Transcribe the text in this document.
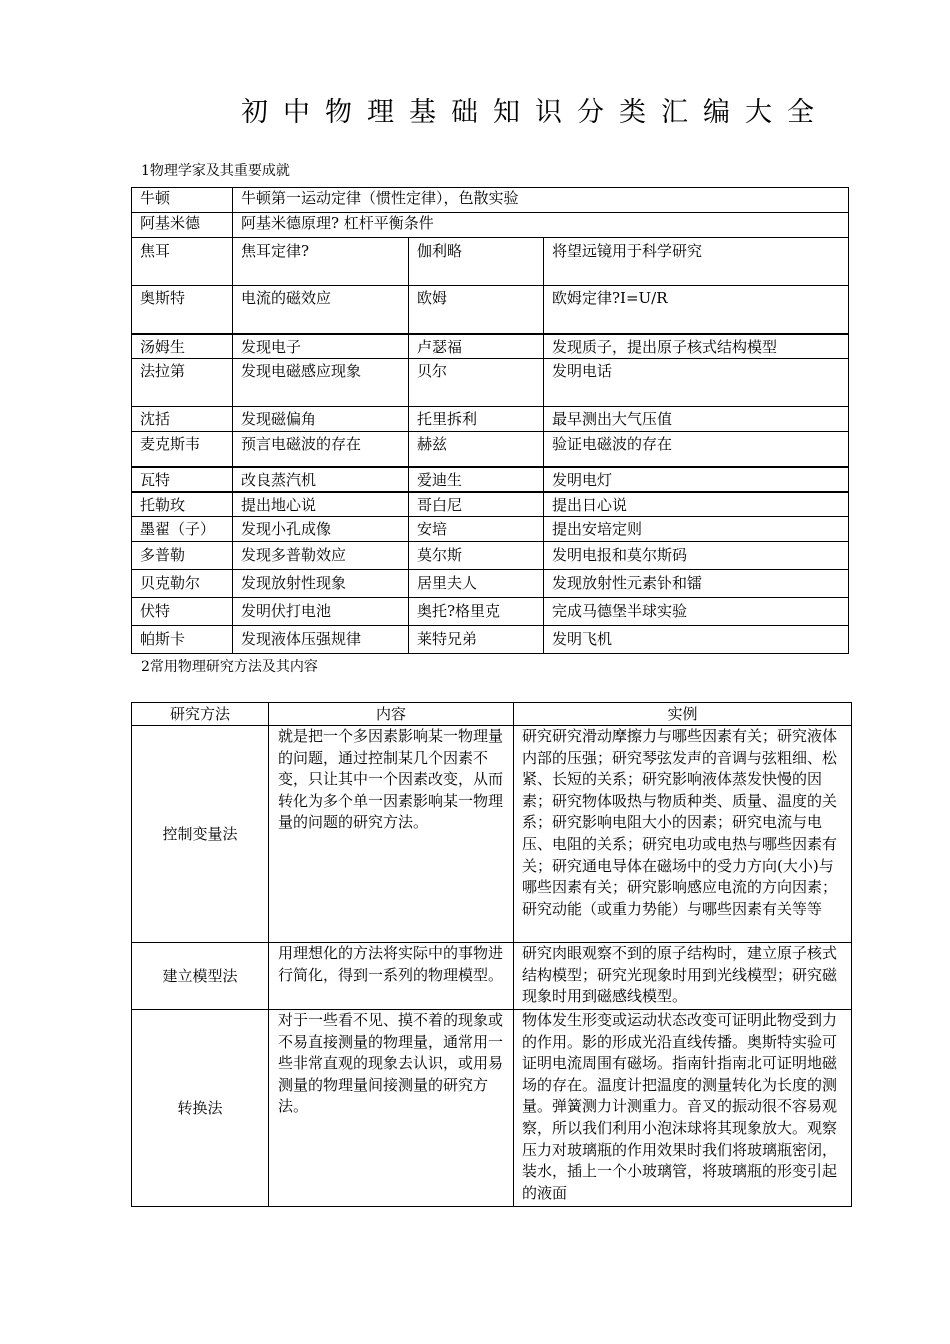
初中物理基础知识分类汇编大全
1物理学家及其重要成就
牛顿	牛顿第一运动定律（惯性定律），色散实验		
阿基米德	阿基米德原理? 杠杆平衡条件		
焦耳	焦耳定律?	伽利略	将望远镜用于科学研究
奥斯特	电流的磁效应	欧姆	欧姆定律?I=U/R
汤姆生	发现电子	卢瑟福	发现质子，提出原子核式结构模型
法拉第	发现电磁感应现象	贝尔	发明电话
沈括	发现磁偏角	托里拆利	最早测出大气压值
麦克斯韦	预言电磁波的存在	赫兹	验证电磁波的存在
瓦特	改良蒸汽机	爱迪生	发明电灯
托勒玫	提出地心说	哥白尼	提出日心说
墨翟（子）	发现小孔成像	安培	提出安培定则
多普勒	发现多普勒效应	莫尔斯	发明电报和莫尔斯码
贝克勒尔	发现放射性现象	居里夫人	发现放射性元素钋和镭
伏特	发明伏打电池	奥托?格里克	完成马德堡半球实验
帕斯卡	发现液体压强规律	莱特兄弟	发明飞机
2常用物理研究方法及其内容
研究方法	内容	实例
控制变量法	就是把一个多因素影响某一物理量的问题，通过控制某几个因素不变，只让其中一个因素改变，从而转化为多个单一因素影响某一物理量的问题的研究方法。	研究研究滑动摩擦力与哪些因素有关；研究液体内部的压强；研究琴弦发声的音调与弦粗细、松紧、长短的关系；研究影响液体蒸发快慢的因素；研究物体吸热与物质种类、质量、温度的关系；研究影响电阻大小的因素；研究电流与电压、电阻的关系；研究电功或电热与哪些因素有关；研究通电导体在磁场中的受力方向(大小)与哪些因素有关；研究影响感应电流的方向因素；研究动能（或重力势能）与哪些因素有关等等
建立模型法	用理想化的方法将实际中的事物进行简化，得到一系列的物理模型。	研究肉眼观察不到的原子结构时，建立原子核式结构模型；研究光现象时用到光线模型；研究磁现象时用到磁感线模型。
转换法	对于一些看不见、摸不着的现象或不易直接测量的物理量，通常用一些非常直观的现象去认识，或用易测量的物理量间接测量的研究方法。	物体发生形变或运动状态改变可证明此物受到力的作用。影的形成光沿直线传播。奥斯特实验可证明电流周围有磁场。指南针指南北可证明地磁场的存在。温度计把温度的测量转化为长度的测量。弹簧测力计测重力。音叉的振动很不容易观察，所以我们利用小泡沫球将其现象放大。观察压力对玻璃瓶的作用效果时我们将玻璃瓶密闭，装水，插上一个小玻璃管，将玻璃瓶的形变引起的液面
